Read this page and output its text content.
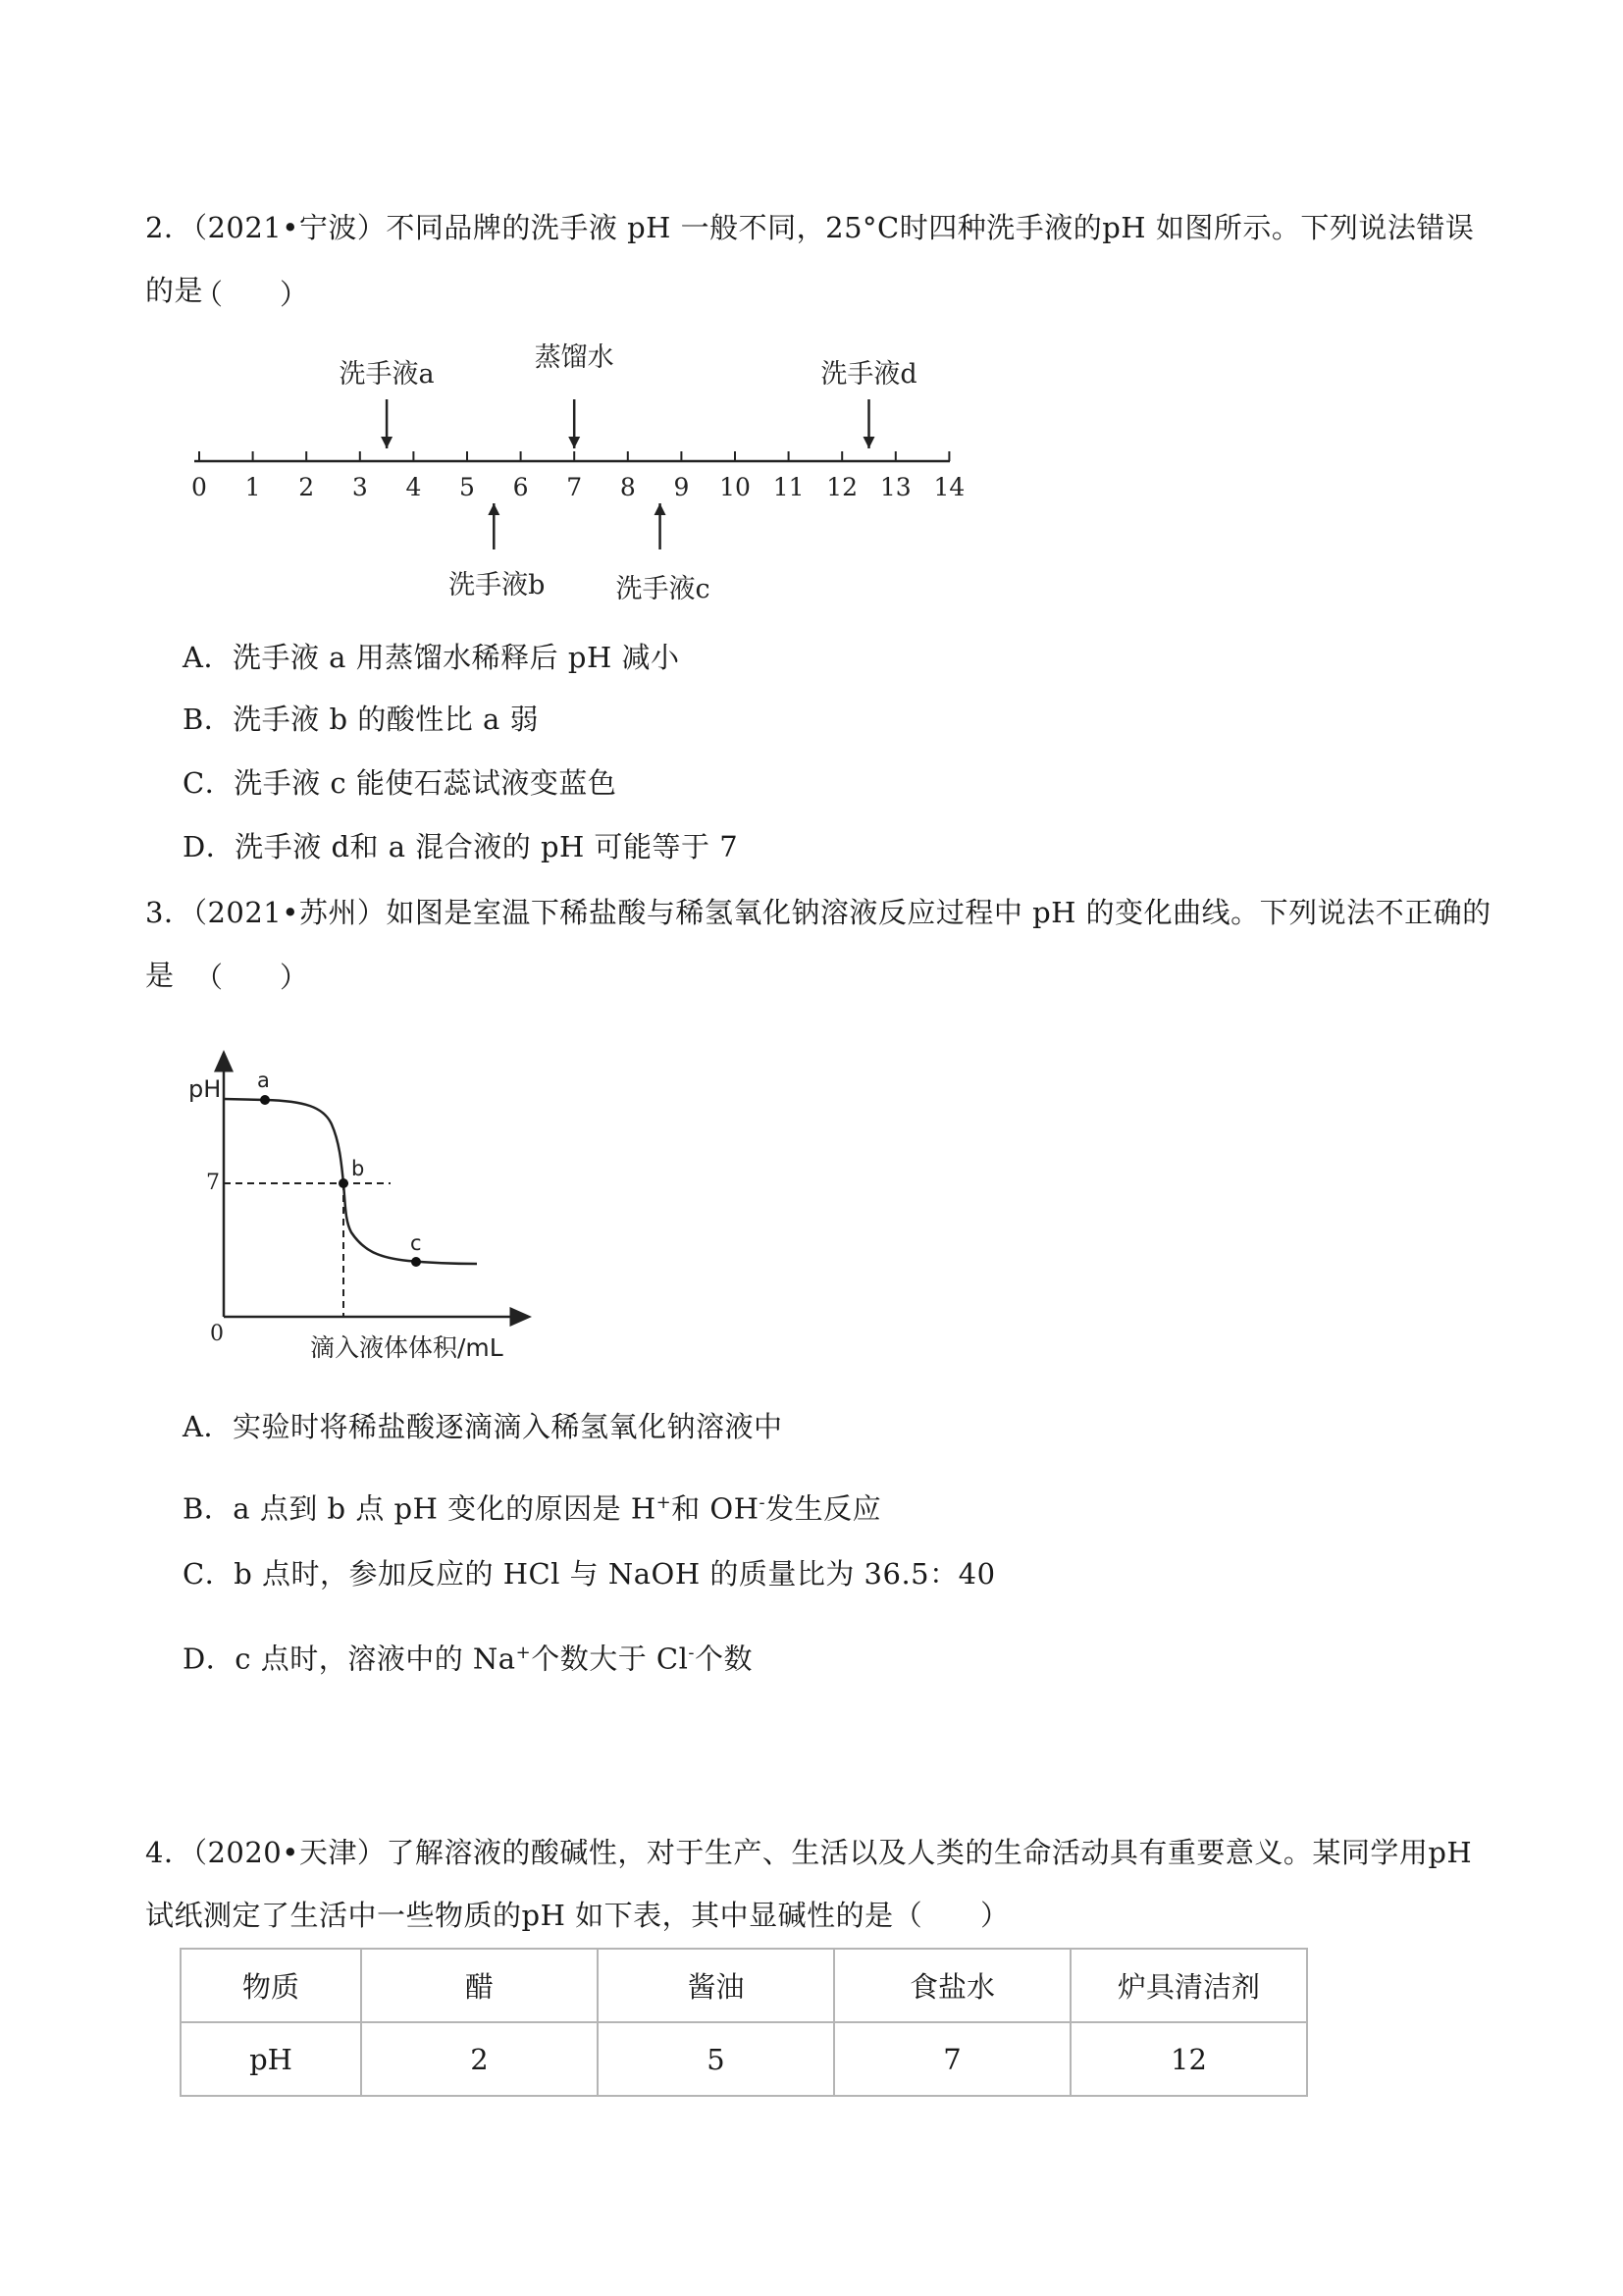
2．（2021•宁波）不同品牌的洗手液 pH 一般不同，25°C时四种洗手液的pH 如图所示。下列说法错误的是
（　　）
0 1 2 3 4 5 6 7 8 9 10 11 12 13 14
洗手液a
蒸馏水
洗手液d
洗手液b	洗手液c
A．洗手液 a 用蒸馏水稀释后 pH 减小
B．洗手液 b 的酸性比 a 弱
C．洗手液 c 能使石蕊试液变蓝色
D．洗手液 d和 a 混合液的 pH 可能等于 7
3．（2021•苏州）如图是室温下稀盐酸与稀氢氧化钠溶液反应过程中 pH 的变化曲线。下列说法不正确的是 （　　）
pH
0
7
a
b
c
滴入液体体积/mL
A．实验时将稀盐酸逐滴滴入稀氢氧化钠溶液中
B．a 点到 b 点 pH 变化的原因是 H+和 OH-发生反应
C．b 点时，参加反应的 HCl 与 NaOH 的质量比为 36.5：40
D．c 点时，溶液中的 Na+个数大于 Cl-个数
4．（2020•天津）了解溶液的酸碱性，对于生产、生活以及人类的生命活动具有重要意义。某同学用pH 试纸测定了生活中一些物质的pH 如下表，其中显碱性的是（　　）
物质	醋	酱油	食盐水	炉具清洁剂
pH	2	5	7	12
